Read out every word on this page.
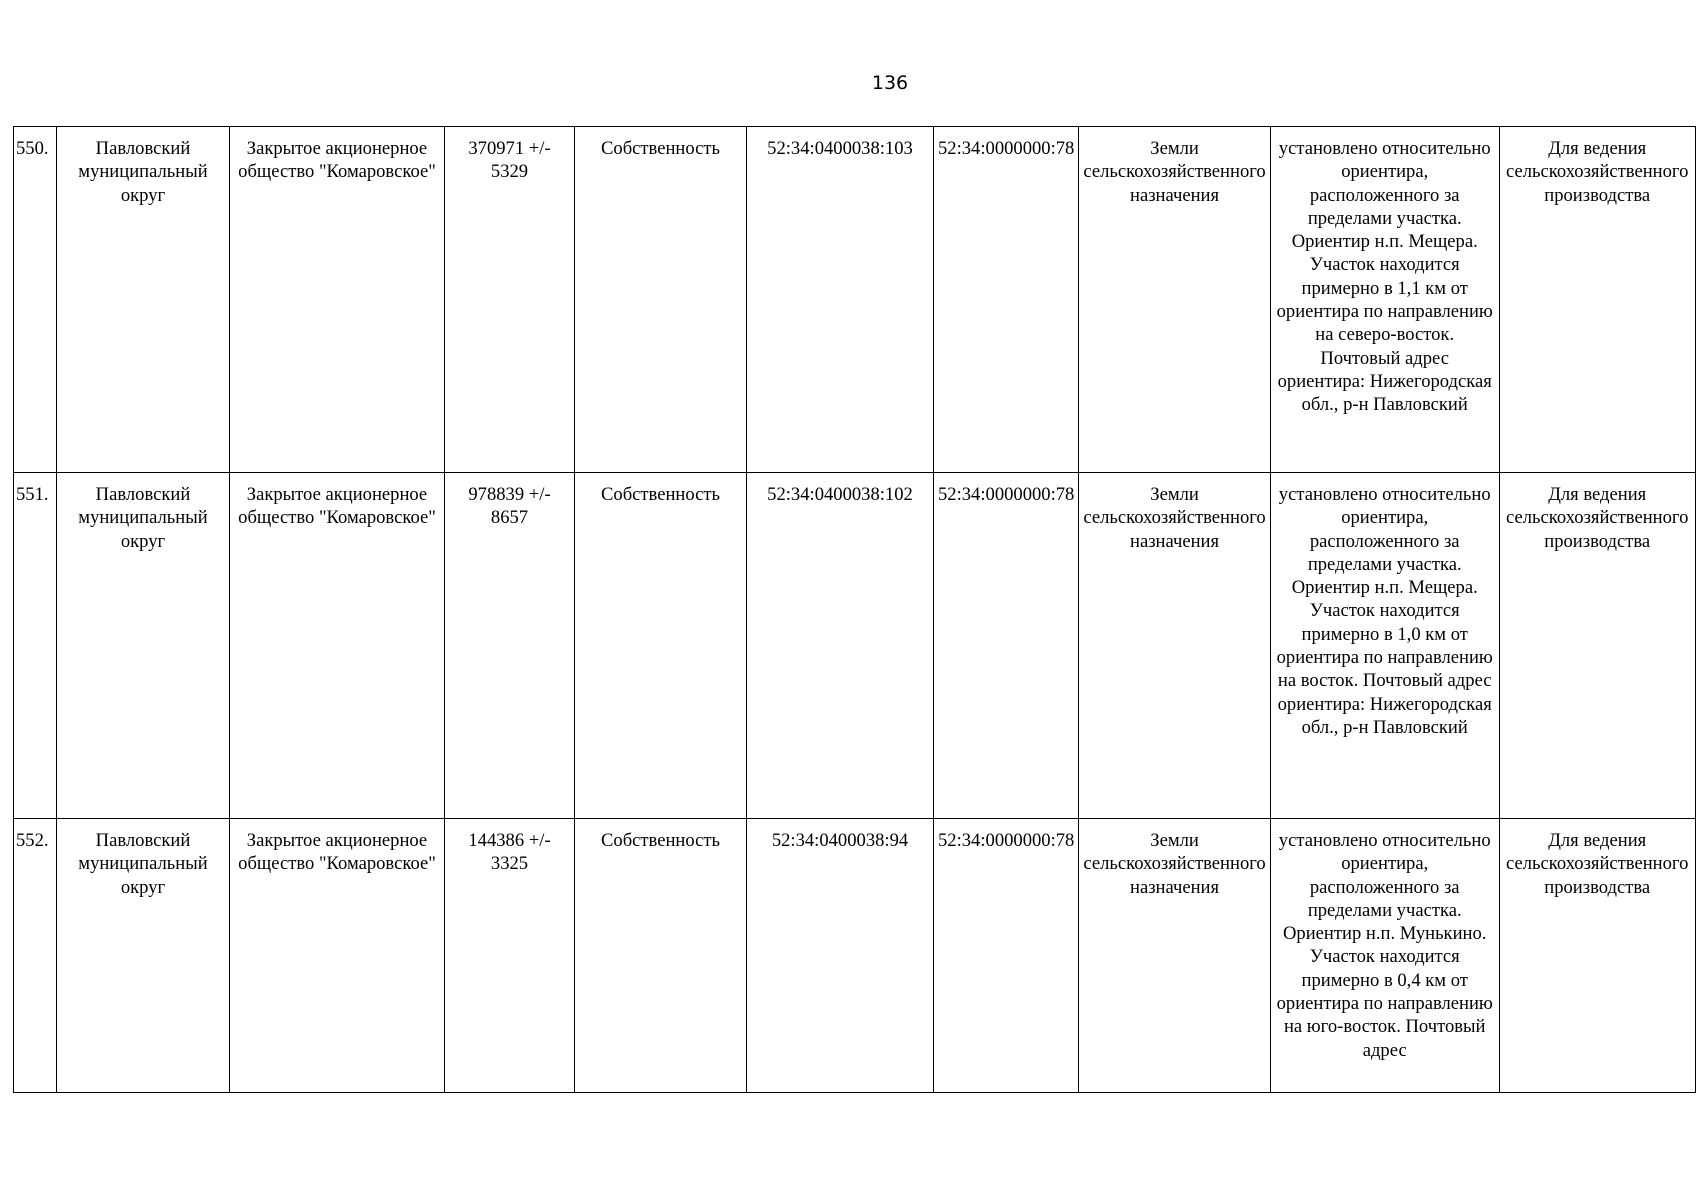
136
550.	Павловский муниципальный округ	Закрытое акционерное общество "Комаровское"	370971 +/- 5329	Собственность	52:34:0400038:103	52:34:0000000:78	Земли сельскохозяйственного назначения	установлено относительно ориентира, расположенного за пределами участка. Ориентир н.п. Мещера. Участок находится примерно в 1,1 км от ориентира по направлению на северо-восток. Почтовый адрес ориентира: Нижегородская обл., р-н Павловский	Для ведения сельскохозяйственного производства
551.	Павловский муниципальный округ	Закрытое акционерное общество "Комаровское"	978839 +/- 8657	Собственность	52:34:0400038:102	52:34:0000000:78	Земли сельскохозяйственного назначения	установлено относительно ориентира, расположенного за пределами участка. Ориентир н.п. Мещера. Участок находится примерно в 1,0 км от ориентира по направлению на восток. Почтовый адрес ориентира: Нижегородская обл., р-н Павловский	Для ведения сельскохозяйственного производства
552.	Павловский муниципальный округ	Закрытое акционерное общество "Комаровское"	144386 +/- 3325	Собственность	52:34:0400038:94	52:34:0000000:78	Земли сельскохозяйственного назначения	установлено относительно ориентира, расположенного за пределами участка. Ориентир н.п. Мунькино. Участок находится примерно в 0,4 км от ориентира по направлению на юго-восток. Почтовый адрес	Для ведения сельскохозяйственного производства
